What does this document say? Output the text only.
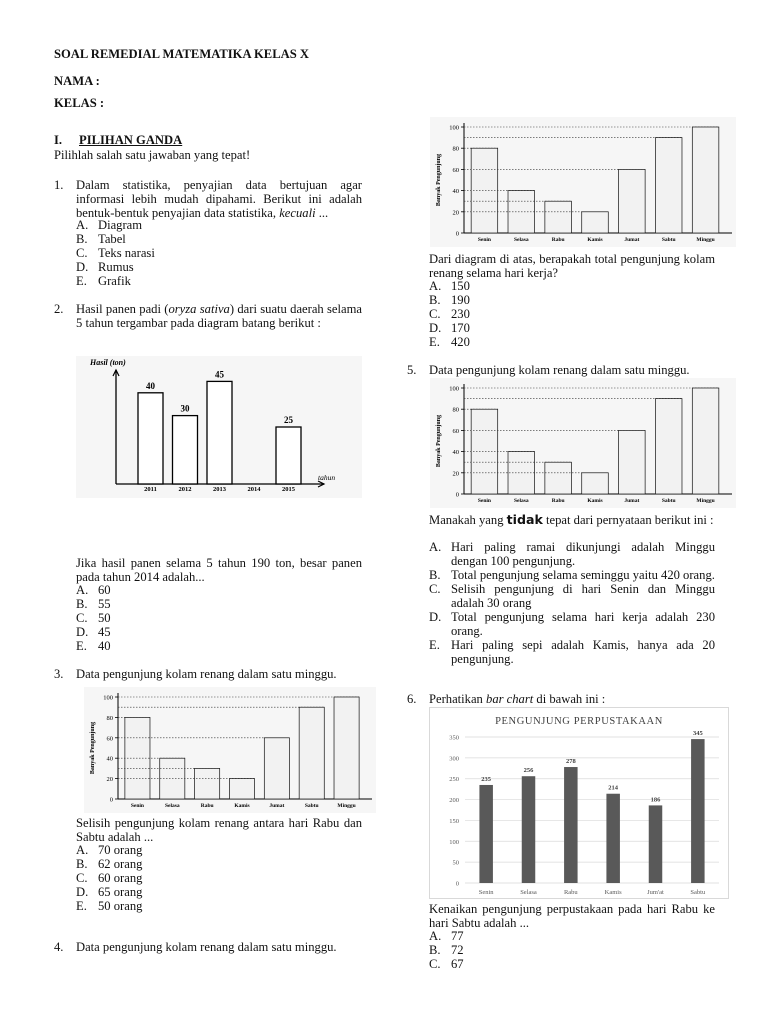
SOAL REMEDIAL MATEMATIKA KELAS X
NAMA :
KELAS :
I. PILIHAN GANDA
Pilihlah salah satu jawaban yang tepat!
1. Dalam statistika, penyajian data bertujuan agar informasi lebih mudah dipahami. Berikut ini adalah bentuk-bentuk penyajian data statistika, kecuali ...
A. Diagram
B. Tabel
C. Teks narasi
D. Rumus
E. Grafik
2. Hasil panen padi (oryza sativa) dari suatu daerah selama 5 tahun tergambar pada diagram batang berikut :
Hasil (ton)
tahun
40
2011
30
2012
45
2013	2014
25
2015
Jika hasil panen selama 5 tahun 190 ton, besar panen pada tahun 2014 adalah...
A. 60
B. 55
C. 50
D. 45
E. 40
3. Data pengunjung kolam renang dalam satu minggu.
0
20
40
60
80
100
Banyak Pengunjung
Senin	Selasa	Rabu	Kamis	Jumat	Sabtu	Minggu
Selisih pengunjung kolam renang antara hari Rabu dan Sabtu adalah ...
A. 70 orang
B. 62 orang
C. 60 orang
D. 65 orang
E. 50 orang
4. Data pengunjung kolam renang dalam satu minggu.
0
20
40
60
80
100
Banyak Pengunjung
Senin	Selasa	Rabu	Kamis	Jumat	Sabtu	Minggu
Dari diagram di atas, berapakah total pengunjung kolam renang selama hari kerja?
A. 150
B. 190
C. 230
D. 170
E. 420
5. Data pengunjung kolam renang dalam satu minggu.
0
20
40
60
80
100
Banyak Pengunjung
Senin	Selasa	Rabu	Kamis	Jumat	Sabtu	Minggu
Manakah yang tidak tepat dari pernyataan berikut ini :
A. Hari paling ramai dikunjungi adalah Minggu dengan 100 pengunjung.
B. Total pengunjung selama seminggu yaitu 420 orang.
C. Selisih pengunjung di hari Senin dan Minggu adalah 30 orang
D. Total pengunjung selama hari kerja adalah 230 orang.
E. Hari paling sepi adalah Kamis, hanya ada 20 pengunjung.
6. Perhatikan bar chart di bawah ini :
PENGUNJUNG PERPUSTAKAAN
0
50
100
150
200
250
300
350
235
Senin
256
Selasa
278
Rabu
214
Kamis
186
Jum'at
345
Sabtu
Kenaikan pengunjung perpustakaan pada hari Rabu ke hari Sabtu adalah ...
A. 77
B. 72
C. 67
